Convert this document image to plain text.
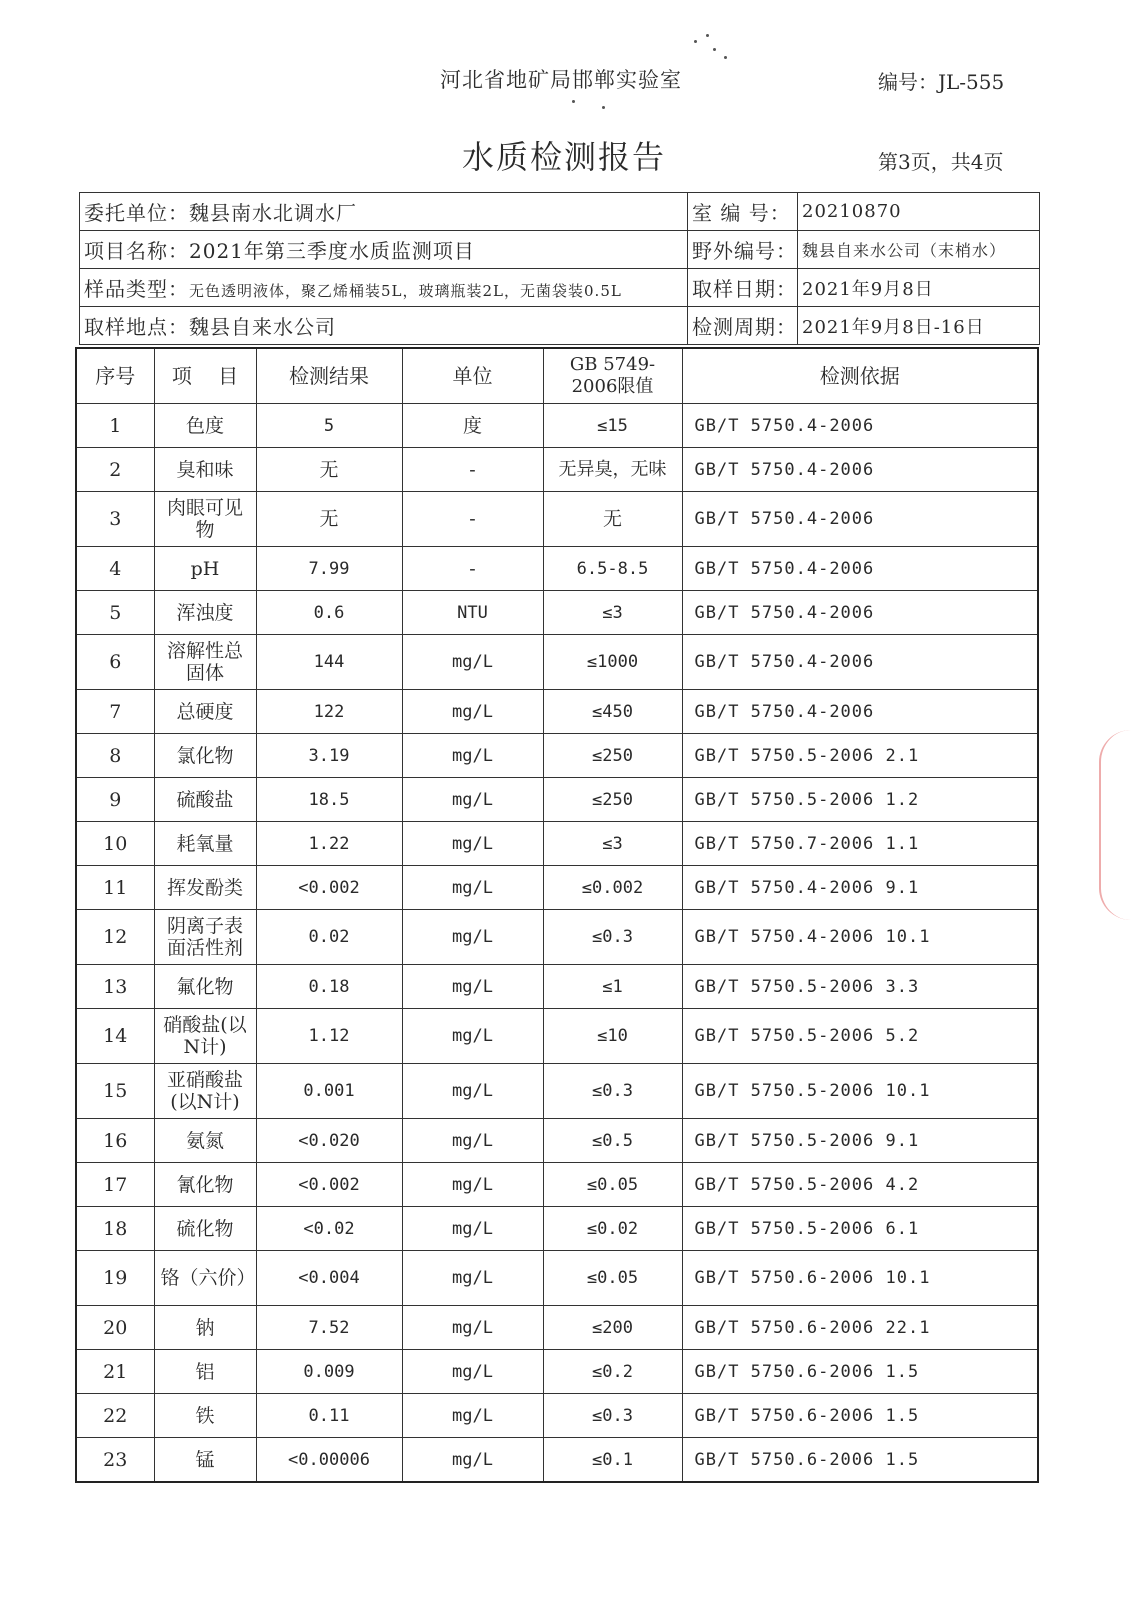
河北省地矿局邯郸实验室	编号：JL-555
水质检测报告	第3页，共4页
委托单位：魏县南水北调水厂	室 编 号：	20210870
项目名称：2021年第三季度水质监测项目	野外编号：	魏县自来水公司（末梢水）
样品类型：无色透明液体，聚乙烯桶装5L，玻璃瓶装2L，无菌袋装0.5L	取样日期：	2021年9月8日
取样地点：魏县自来水公司	检测周期：	2021年9月8日-16日
序号	项　 目	检测结果	单位	GB 5749-2006限值	检测依据
1	色度	5	度	≤15	GB/T 5750.4-2006
2	臭和味	无	-	无异臭，无味	GB/T 5750.4-2006
3	肉眼可见物	无	-	无	GB/T 5750.4-2006
4	pH	7.99	-	6.5-8.5	GB/T 5750.4-2006
5	浑浊度	0.6	NTU	≤3	GB/T 5750.4-2006
6	溶解性总固体	144	mg/L	≤1000	GB/T 5750.4-2006
7	总硬度	122	mg/L	≤450	GB/T 5750.4-2006
8	氯化物	3.19	mg/L	≤250	GB/T 5750.5-2006 2.1
9	硫酸盐	18.5	mg/L	≤250	GB/T 5750.5-2006 1.2
10	耗氧量	1.22	mg/L	≤3	GB/T 5750.7-2006 1.1
11	挥发酚类	<0.002	mg/L	≤0.002	GB/T 5750.4-2006 9.1
12	阴离子表面活性剂	0.02	mg/L	≤0.3	GB/T 5750.4-2006 10.1
13	氟化物	0.18	mg/L	≤1	GB/T 5750.5-2006 3.3
14	硝酸盐(以N计)	1.12	mg/L	≤10	GB/T 5750.5-2006 5.2
15	亚硝酸盐(以N计)	0.001	mg/L	≤0.3	GB/T 5750.5-2006 10.1
16	氨氮	<0.020	mg/L	≤0.5	GB/T 5750.5-2006 9.1
17	氰化物	<0.002	mg/L	≤0.05	GB/T 5750.5-2006 4.2
18	硫化物	<0.02	mg/L	≤0.02	GB/T 5750.5-2006 6.1
19	铬（六价）	<0.004	mg/L	≤0.05	GB/T 5750.6-2006 10.1
20	钠	7.52	mg/L	≤200	GB/T 5750.6-2006 22.1
21	铝	0.009	mg/L	≤0.2	GB/T 5750.6-2006 1.5
22	铁	0.11	mg/L	≤0.3	GB/T 5750.6-2006 1.5
23	锰	<0.00006	mg/L	≤0.1	GB/T 5750.6-2006 1.5
